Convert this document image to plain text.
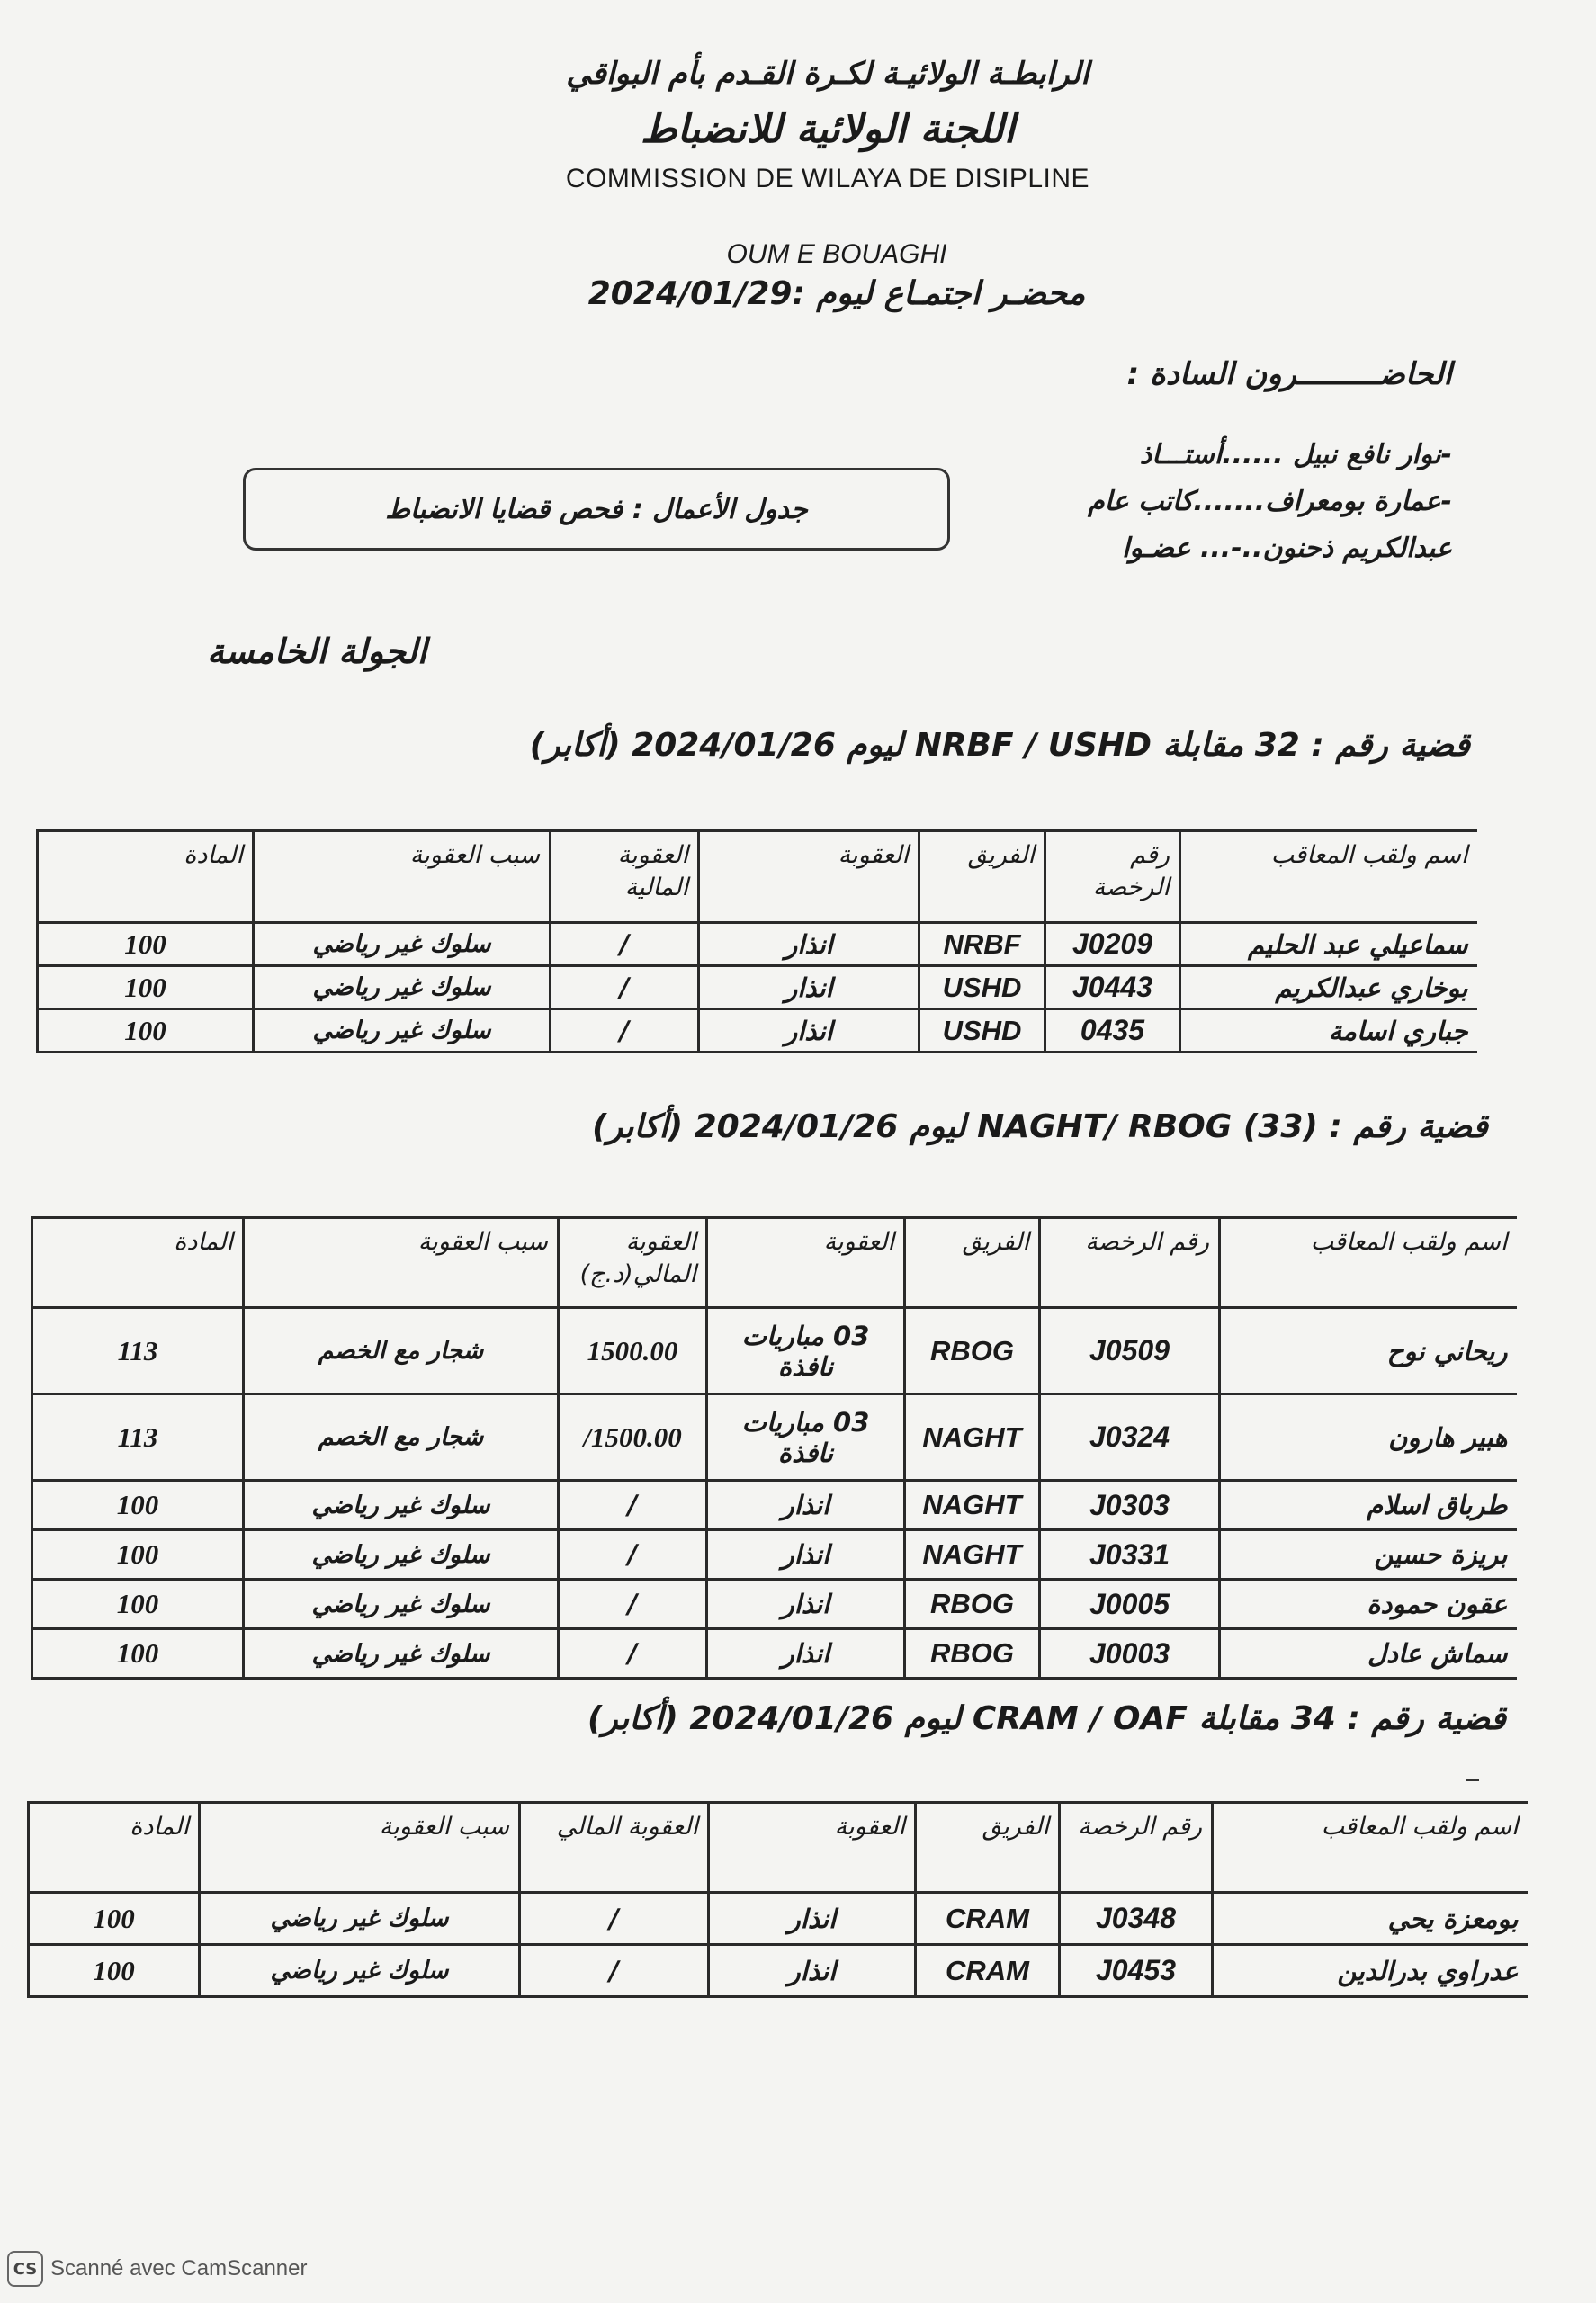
الرابطـة الولائيـة لكـرة القـدم بأم البواقي
اللجنة الولائية للانضباط
COMMISSION DE WILAYA DE DISIPLINE
OUM E BOUAGHI
محضـر اجتمـاع ليوم :2024/01/29
الحاضـــــــــرون السادة :
-نوار نافع نبيل ......أستـــاذ
-عمارة بومعراف.......كاتب عام
عبدالكريم ذحنون..-... عضـوا
جدول الأعمال : فحص قضايا الانضباط
الجولة الخامسة
قضية رقم : 32 مقابلة NRBF / USHD ليوم 2024/01/26 (أكابر)
اسم ولقب المعاقب	رقم الرخصة	الفريق	العقوبة	العقوبة المالية	سبب العقوبة	المادة
سماعيلي عبد الحليم	J0209	NRBF	انذار	/	سلوك غير رياضي	100
بوخاري عبدالكريم	J0443	USHD	انذار	/	سلوك غير رياضي	100
جباري اسامة	0435	USHD	انذار	/	سلوك غير رياضي	100
قضية رقم : (33) NAGHT/ RBOG ليوم 2024/01/26 (أكابر)
اسم ولقب المعاقب	رقم الرخصة	الفريق	العقوبة	العقوبة المالي(د.ج)	سبب العقوبة	المادة
ريحاني نوح	J0509	RBOG	03 مباريات نافذة	1500.00	شجار مع الخصم	113
هبير هارون	J0324	NAGHT	03 مباريات نافذة	1500.00/	شجار مع الخصم	113
طرباق اسلام	J0303	NAGHT	انذار	/	سلوك غير رياضي	100
بريزة حسين	J0331	NAGHT	انذار	/	سلوك غير رياضي	100
عقون حمودة	J0005	RBOG	انذار	/	سلوك غير رياضي	100
سماش عادل	J0003	RBOG	انذار	/	سلوك غير رياضي	100
قضية رقم : 34 مقابلة CRAM / OAF ليوم 2024/01/26 (أكابر)
اسم ولقب المعاقب	رقم الرخصة	الفريق	العقوبة	العقوبة المالي	سبب العقوبة	المادة
بومعزة يحي	J0348	CRAM	انذار	/	سلوك غير رياضي	100
عدراوي بدرالدين	J0453	CRAM	انذار	/	سلوك غير رياضي	100
CS Scanné avec CamScanner
